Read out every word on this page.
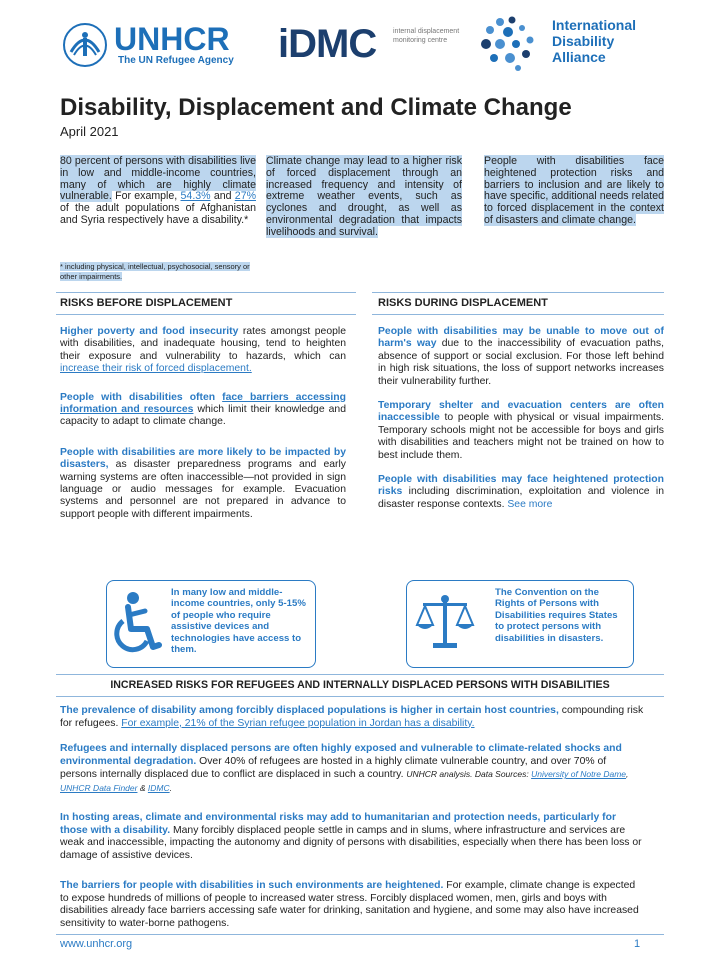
UNHCR
The UN Refugee Agency iDMC internal displacement monitoring centre
International
Disability
Alliance
Disability, Displacement and Climate Change
April 2021
80 percent of persons with disabilities live in low and middle-income countries, many of which are highly climate vulnerable. For example, 54.3% and 27% of the adult populations of Afghanistan and Syria respectively have a disability.*
* including physical, intellectual, psychosocial, sensory or other impairments.
Climate change may lead to a higher risk of forced displacement through an increased frequency and intensity of extreme weather events, such as cyclones and drought, as well as environmental degradation that impacts livelihoods and survival.
People with disabilities face heightened protection risks and barriers to inclusion and are likely to have specific, additional needs related to forced displacement in the context of disasters and climate change.
RISKS BEFORE DISPLACEMENT

Higher poverty and food insecurity rates amongst people with disabilities, and inadequate housing, tend to heighten their exposure and vulnerability to hazards, which can increase their risk of forced displacement.

People with disabilities often face barriers accessing information and resources which limit their knowledge and capacity to adapt to climate change.

People with disabilities are more likely to be impacted by disasters, as disaster preparedness programs and early warning systems are often inaccessible—not provided in sign language or audio messages for example. Evacuation systems and personnel are not prepared in advance to support people with different impairments.

In many low and middle-income countries, only 5-15% of people who require assistive devices and technologies have access to them.
RISKS DURING DISPLACEMENT

People with disabilities may be unable to move out of harm's way due to the inaccessibility of evacuation paths, absence of support or social exclusion. For those left behind in high risk situations, the loss of support networks increases their vulnerability further.

Temporary shelter and evacuation centers are often inaccessible to people with physical or visual impairments. Temporary schools might not be accessible for boys and girls with disabilities and teachers might not be trained on how to best include them.

People with disabilities may face heightened protection risks including discrimination, exploitation and violence in disaster response contexts. See more

The Convention on the Rights of Persons with Disabilities requires States to protect persons with disabilities in disasters.
INCREASED RISKS FOR REFUGEES AND INTERNALLY DISPLACED PERSONS WITH DISABILITIES
The prevalence of disability among forcibly displaced populations is higher in certain host countries, compounding risk for refugees. For example, 21% of the Syrian refugee population in Jordan has a disability.
Refugees and internally displaced persons are often highly exposed and vulnerable to climate-related shocks and environmental degradation. Over 40% of refugees are hosted in a highly climate vulnerable country, and over 70% of persons internally displaced due to conflict are displaced in such a country. UNHCR analysis. Data Sources: University of Notre Dame, UNHCR Data Finder & IDMC.
In hosting areas, climate and environmental risks may add to humanitarian and protection needs, particularly for those with a disability. Many forcibly displaced people settle in camps and in slums, where infrastructure and services are weak and inaccessible, impacting the autonomy and dignity of persons with disabilities, especially when there has been loss or damage of assistive devices.
The barriers for people with disabilities in such environments are heightened. For example, climate change is expected to expose hundreds of millions of people to increased water stress. Forcibly displaced women, men, girls and boys with disabilities already face barriers accessing safe water for drinking, sanitation and hygiene, and some may also have increased sensitivity to water-borne pathogens.
www.unhcr.org	1
